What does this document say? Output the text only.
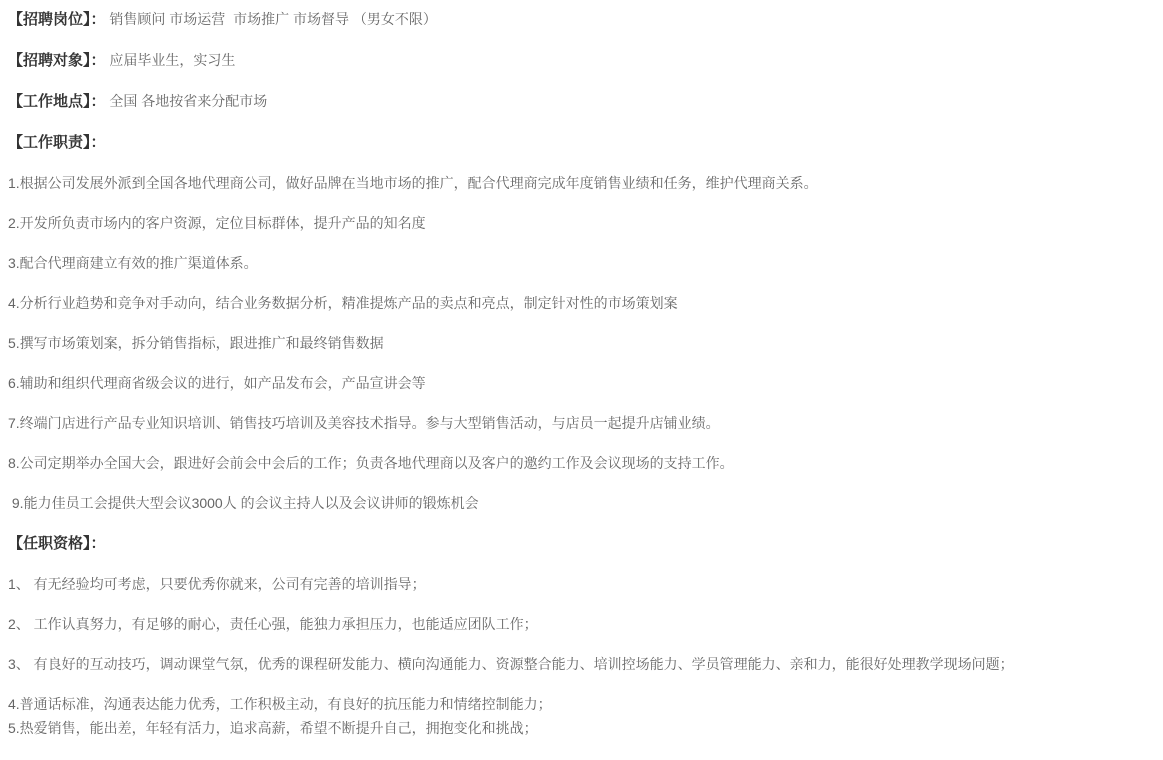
【招聘岗位】： 销售顾问 市场运营  市场推广 市场督导 （男女不限）

【招聘对象】： 应届毕业生，实习生

【工作地点】： 全国 各地按省来分配市场

【工作职责】：

1.根据公司发展外派到全国各地代理商公司，做好品牌在当地市场的推广，配合代理商完成年度销售业绩和任务，维护代理商关系。

2.开发所负责市场内的客户资源，定位目标群体，提升产品的知名度

3.配合代理商建立有效的推广渠道体系。

4.分析行业趋势和竞争对手动向，结合业务数据分析，精准提炼产品的卖点和亮点，制定针对性的市场策划案

5.撰写市场策划案，拆分销售指标，跟进推广和最终销售数据

6.辅助和组织代理商省级会议的进行，如产品发布会，产品宣讲会等

7.终端门店进行产品专业知识培训、销售技巧培训及美容技术指导。参与大型销售活动，与店员一起提升店铺业绩。

8.公司定期举办全国大会，跟进好会前会中会后的工作；负责各地代理商以及客户的邀约工作及会议现场的支持工作。

9.能力佳员工会提供大型会议3000人 的会议主持人以及会议讲师的锻炼机会

【任职资格】：

1、 有无经验均可考虑，只要优秀你就来，公司有完善的培训指导；

2、 工作认真努力，有足够的耐心，责任心强，能独力承担压力，也能适应团队工作；

3、 有良好的互动技巧，调动课堂气氛，优秀的课程研发能力、横向沟通能力、资源整合能力、培训控场能力、学员管理能力、亲和力，能很好处理教学现场问题；

4.普通话标准，沟通表达能力优秀，工作积极主动，有良好的抗压能力和情绪控制能力；

5.热爱销售，能出差，年轻有活力，追求高薪，希望不断提升自己，拥抱变化和挑战；
